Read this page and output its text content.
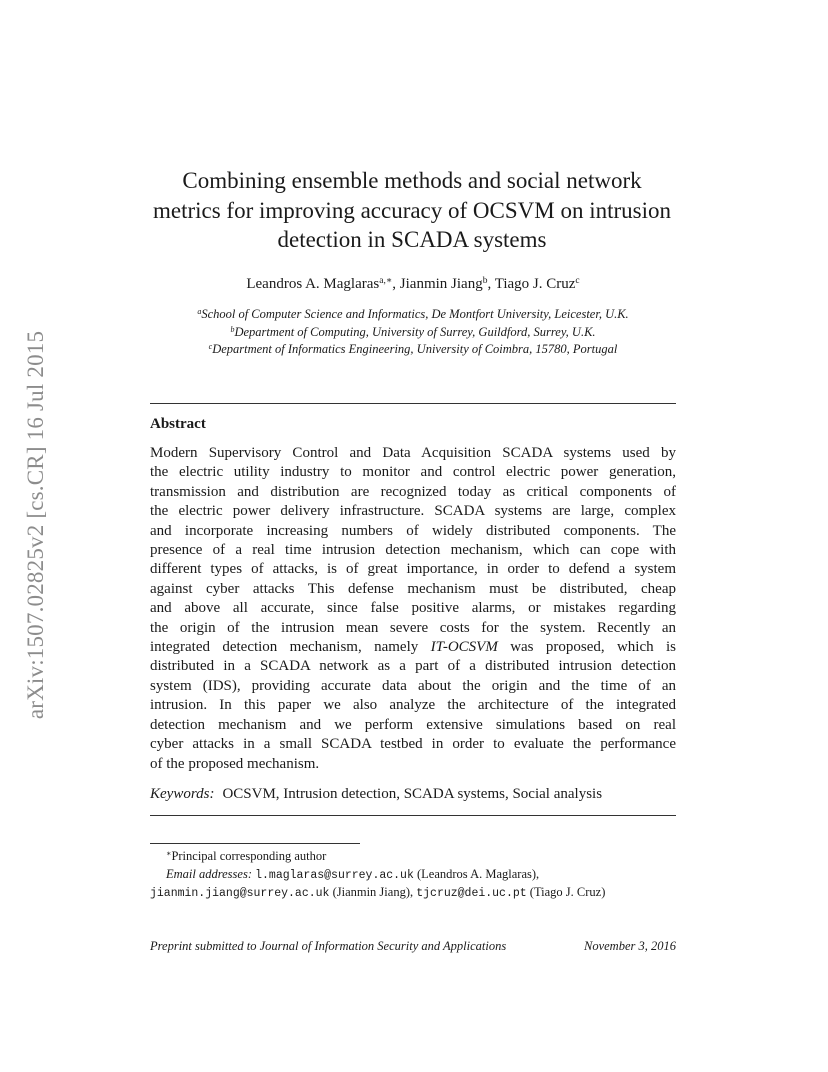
arXiv:1507.02825v2 [cs.CR] 16 Jul 2015
Combining ensemble methods and social network
metrics for improving accuracy of OCSVM on intrusion
detection in SCADA systems
Leandros A. Maglaras$^{a,∗}$, Jianmin Jiang$^b$, Tiago J. Cruz$^c$
$^a$School of Computer Science and Informatics, De Montfort University, Leicester, U.K.
$^b$Department of Computing, University of Surrey, Guildford, Surrey, U.K.
$^c$Department of Informatics Engineering, University of Coimbra, 15780, Portugal
Abstract

Modern Supervisory Control and Data Acquisition SCADA systems used by
the electric utility industry to monitor and control electric power generation,
transmission and distribution are recognized today as critical components of
the electric power delivery infrastructure. SCADA systems are large, complex
and incorporate increasing numbers of widely distributed components. The
presence of a real time intrusion detection mechanism, which can cope with
different types of attacks, is of great importance, in order to defend a system
against cyber attacks This defense mechanism must be distributed, cheap
and above all accurate, since false positive alarms, or mistakes regarding
the origin of the intrusion mean severe costs for the system. Recently an
integrated detection mechanism, namely IT-OCSVM was proposed, which is
distributed in a SCADA network as a part of a distributed intrusion detection
system (IDS), providing accurate data about the origin and the time of an
intrusion. In this paper we also analyze the architecture of the integrated
detection mechanism and we perform extensive simulations based on real
cyber attacks in a small SCADA testbed in order to evaluate the performance
of the proposed mechanism.

Keywords: OCSVM, Intrusion detection, SCADA systems, Social analysis
∗Principal corresponding author
Email addresses: l.maglaras@surrey.ac.uk (Leandros A. Maglaras),
jianmin.jiang@surrey.ac.uk (Jianmin Jiang), tjcruz@dei.uc.pt (Tiago J. Cruz)
Preprint submitted to Journal of Information Security and Applications	November 3, 2016
